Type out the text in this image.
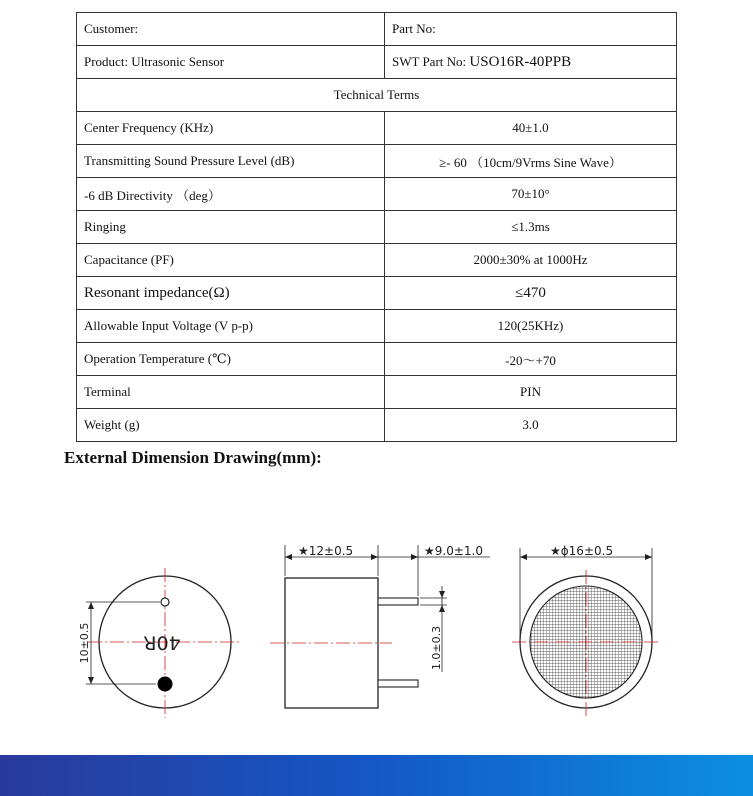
Customer:	Part No:
Product: Ultrasonic Sensor	SWT Part No: USO16R-40PPB
Technical Terms	
Center Frequency (KHz)	40±1.0
Transmitting Sound Pressure Level (dB)	≥- 60 （10cm/9Vrms Sine Wave）
-6 dB Directivity （deg）	70±10°
Ringing	≤1.3ms
Capacitance (PF)	2000±30% at 1000Hz
Resonant impedance(Ω)	≤470
Allowable Input Voltage (V p-p)	120(25KHz)
Operation Temperature (℃)	-20～+70
Terminal	PIN
Weight (g)	3.0
External Dimension Drawing(mm):
10±0.5	40R
★12±0.5	★9.0±1.0
1.0±0.3
★ϕ16±0.5
